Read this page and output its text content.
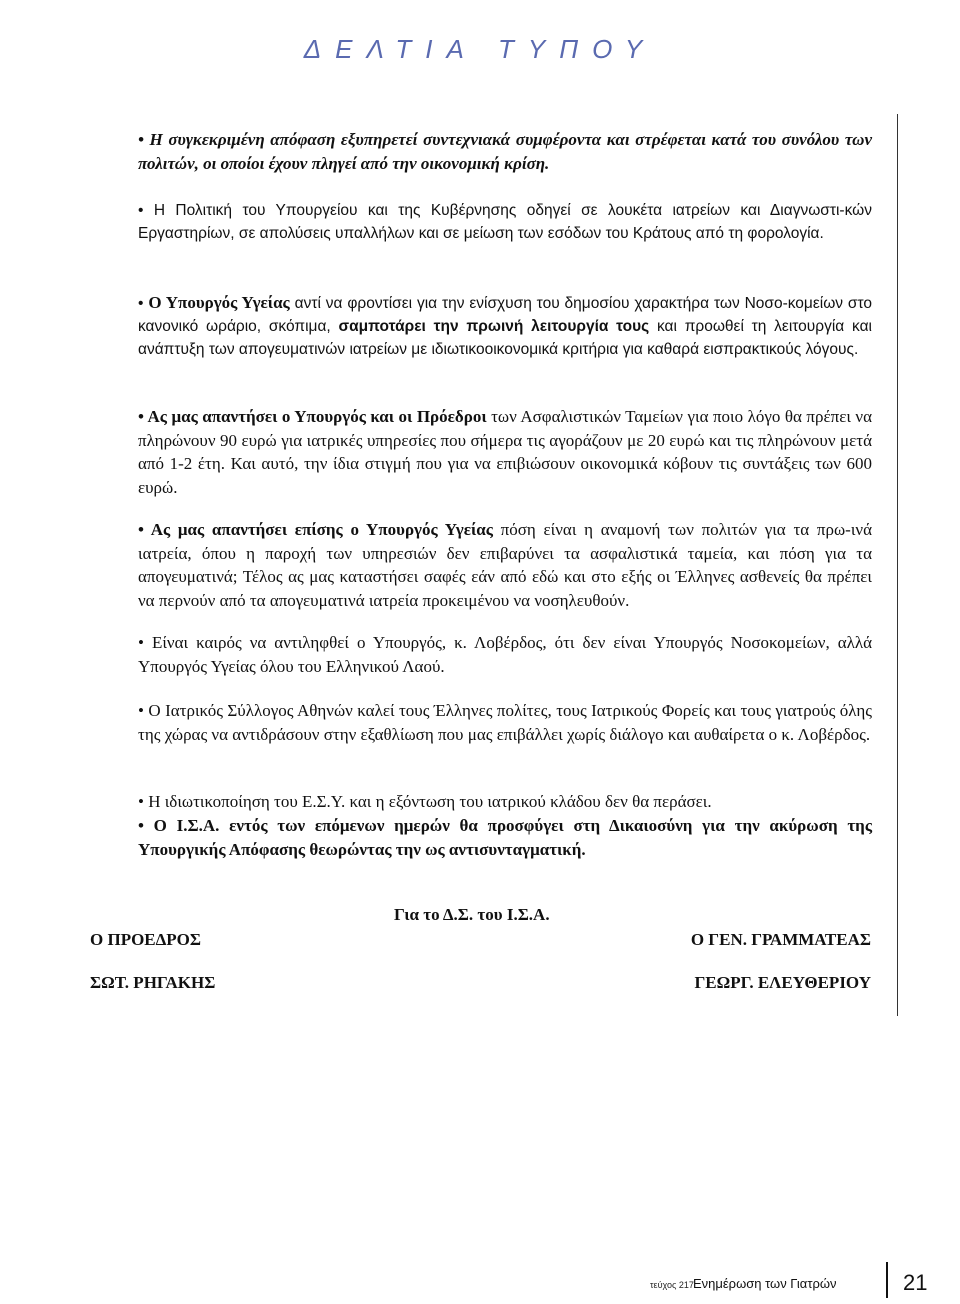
ΔΕΛΤΙΑ ΤΥΠΟΥ

• Η συγκεκριμένη απόφαση εξυπηρετεί συντεχνιακά συμφέροντα και στρέφεται κατά του συνόλου των πολιτών, οι οποίοι έχουν πληγεί από την οικονομική κρίση.

• Η Πολιτική του Υπουργείου και της Κυβέρνησης οδηγεί σε λουκέτα ιατρείων και Διαγνωστι-κών Εργαστηρίων, σε απολύσεις υπαλλήλων και σε μείωση των εσόδων του Κράτους από τη φορολογία.

• Ο Υπουργός Υγείας αντί να φροντίσει για την ενίσχυση του δημοσίου χαρακτήρα των Νοσο-κομείων στο κανονικό ωράριο, σκόπιμα, σαμποτάρει την πρωινή λειτουργία τους και προωθεί τη λειτουργία και ανάπτυξη των απογευματινών ιατρείων με ιδιωτικοοικονομικά κριτήρια για καθαρά εισπρακτικούς λόγους.

• Ας μας απαντήσει ο Υπουργός και οι Πρόεδροι των Ασφαλιστικών Ταμείων για ποιο λόγο θα πρέπει να πληρώνουν 90 ευρώ για ιατρικές υπηρεσίες που σήμερα τις αγοράζουν με 20 ευρώ και τις πληρώνουν μετά από 1-2 έτη. Και αυτό, την ίδια στιγμή που για να επιβιώσουν οικονομικά κόβουν τις συντάξεις των 600 ευρώ.

• Ας μας απαντήσει επίσης ο Υπουργός Υγείας πόση είναι η αναμονή των πολιτών για τα πρω-ινά ιατρεία, όπου η παροχή των υπηρεσιών δεν επιβαρύνει τα ασφαλιστικά ταμεία, και πόση για τα απογευματινά; Τέλος ας μας καταστήσει σαφές εάν από εδώ και στο εξής οι Έλληνες ασθενείς θα πρέπει να περνούν από τα απογευματινά ιατρεία προκειμένου να νοσηλευθούν.

• Είναι καιρός να αντιληφθεί ο Υπουργός, κ. Λοβέρδος, ότι δεν είναι Υπουργός Νοσοκομείων, αλλά Υπουργός Υγείας όλου του Ελληνικού Λαού.

• Ο Ιατρικός Σύλλογος Αθηνών καλεί τους Έλληνες πολίτες, τους Ιατρικούς Φορείς και τους γιατρούς όλης της χώρας να αντιδράσουν στην εξαθλίωση που μας επιβάλλει χωρίς διάλογο και αυθαίρετα ο κ. Λοβέρδος.

• Η ιδιωτικοποίηση του Ε.Σ.Υ. και η εξόντωση του ιατρικού κλάδου δεν θα περάσει.

• Ο Ι.Σ.Α. εντός των επόμενων ημερών θα προσφύγει στη Δικαιοσύνη για την ακύρωση της Υπουργικής Απόφασης θεωρώντας την ως αντισυνταγματική.

Για το Δ.Σ. του Ι.Σ.Α.
Ο ΠΡΟΕΔΡΟΣ
ΣΩΤ. ΡΗΓΑΚΗΣ
Ο ΓΕΝ. ΓΡΑΜΜΑΤΕΑΣ
ΓΕΩΡΓ. ΕΛΕΥΘΕΡΙΟΥ
τεύχος 217 Ενημέρωση των Γιατρών	21
